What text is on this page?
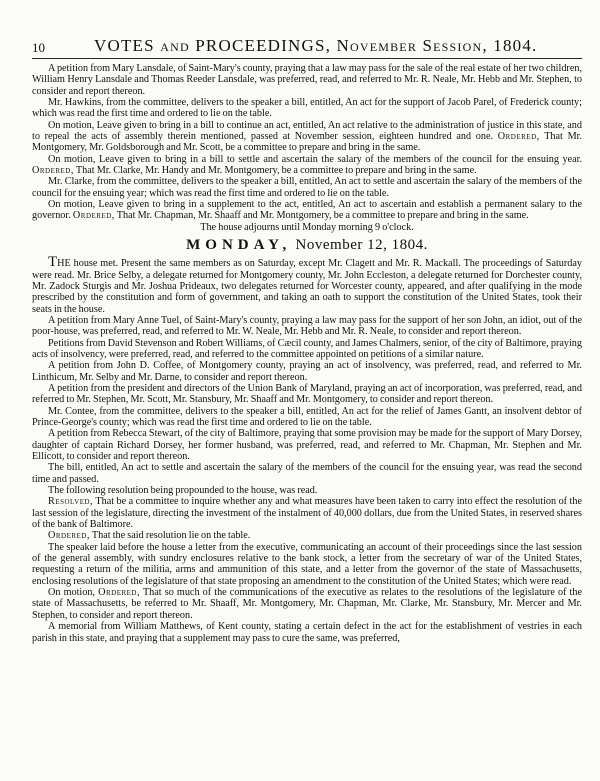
10	VOTES and PROCEEDINGS, November Session, 1804.

A petition from Mary Lansdale, of Saint-Mary's county, praying that a law may pass for the sale of the real estate of her two children, William Henry Lansdale and Thomas Reeder Lansdale, was preferred, read, and referred to Mr. R. Neale, Mr. Hebb and Mr. Stephen, to consider and report thereon.

Mr. Hawkins, from the committee, delivers to the speaker a bill, entitled, An act for the support of Jacob Parel, of Frederick county; which was read the first time and ordered to lie on the table.

On motion, Leave given to bring in a bill to continue an act, entitled, An act relative to the administration of justice in this state, and to repeal the acts of assembly therein mentioned, passed at November session, eighteen hundred and one. Ordered, That Mr. Montgomery, Mr. Goldsborough and Mr. Scott, be a committee to prepare and bring in the same.

On motion, Leave given to bring in a bill to settle and ascertain the salary of the members of the council for the ensuing year. Ordered, That Mr. Clarke, Mr. Handy and Mr. Montgomery, be a committee to prepare and bring in the same.

Mr. Clarke, from the committee, delivers to the speaker a bill, entitled, An act to settle and ascertain the salary of the members of the council for the ensuing year; which was read the first time and ordered to lie on the table.

On motion, Leave given to bring in a supplement to the act, entitled, An act to ascertain and establish a permanent salary to the governor. Ordered, That Mr. Chapman, Mr. Shaaff and Mr. Montgomery, be a committee to prepare and bring in the same.

The house adjourns until Monday morning 9 o'clock.

MONDAY, November 12, 1804.

THE house met. Present the same members as on Saturday, except Mr. Clagett and Mr. R. Mackall. The proceedings of Saturday were read. Mr. Brice Selby, a delegate returned for Montgomery county, Mr. John Eccleston, a delegate returned for Dorchester county, Mr. Zadock Sturgis and Mr. Joshua Prideaux, two delegates returned for Worcester county, appeared, and after qualifying in the mode prescribed by the constitution and form of government, and taking an oath to support the constitution of the United States, took their seats in the house.

A petition from Mary Anne Tuel, of Saint-Mary's county, praying a law may pass for the support of her son John, an idiot, out of the poor-house, was preferred, read, and referred to Mr. W. Neale, Mr. Hebb and Mr. R. Neale, to consider and report thereon.

Petitions from David Stevenson and Robert Williams, of Cæcil county, and James Chalmers, senior, of the city of Baltimore, praying acts of insolvency, were preferred, read, and referred to the committee appointed on petitions of a similar nature.

A petition from John D. Coffee, of Montgomery county, praying an act of insolvency, was preferred, read, and referred to Mr. Linthicum, Mr. Selby and Mr. Darne, to consider and report thereon.

A petition from the president and directors of the Union Bank of Maryland, praying an act of incorporation, was preferred, read, and referred to Mr. Stephen, Mr. Scott, Mr. Stansbury, Mr. Shaaff and Mr. Montgomery, to consider and report thereon.

Mr. Contee, from the committee, delivers to the speaker a bill, entitled, An act for the relief of James Gantt, an insolvent debtor of Prince-George's county; which was read the first time and ordered to lie on the table.

A petition from Rebecca Stewart, of the city of Baltimore, praying that some provision may be made for the support of Mary Dorsey, daughter of captain Richard Dorsey, her former husband, was preferred, read, and referred to Mr. Chapman, Mr. Stephen and Mr. Ellicott, to consider and report thereon.

The bill, entitled, An act to settle and ascertain the salary of the members of the council for the ensuing year, was read the second time and passed.

The following resolution being propounded to the house, was read.

Resolved, That be a committee to inquire whether any and what measures have been taken to carry into effect the resolution of the last session of the legislature, directing the investment of the instalment of 40,000 dollars, due from the United States, in reserved shares of the bank of Baltimore.

Ordered, That the said resolution lie on the table.

The speaker laid before the house a letter from the executive, communicating an account of their proceedings since the last session of the general assembly, with sundry enclosures relative to the bank stock, a letter from the secretary of war of the United States, requesting a return of the militia, arms and ammunition of this state, and a letter from the governor of the state of Massachusetts, enclosing resolutions of the legislature of that state proposing an amendment to the constitution of the United States; which were read.

On motion, Ordered, That so much of the communications of the executive as relates to the resolutions of the legislature of the state of Massachusetts, be referred to Mr. Shaaff, Mr. Montgomery, Mr. Chapman, Mr. Clarke, Mr. Stansbury, Mr. Mercer and Mr. Stephen, to consider and report thereon.

A memorial from William Matthews, of Kent county, stating a certain defect in the act for the establishment of vestries in each parish in this state, and praying that a supplement may pass to cure the same, was preferred,
